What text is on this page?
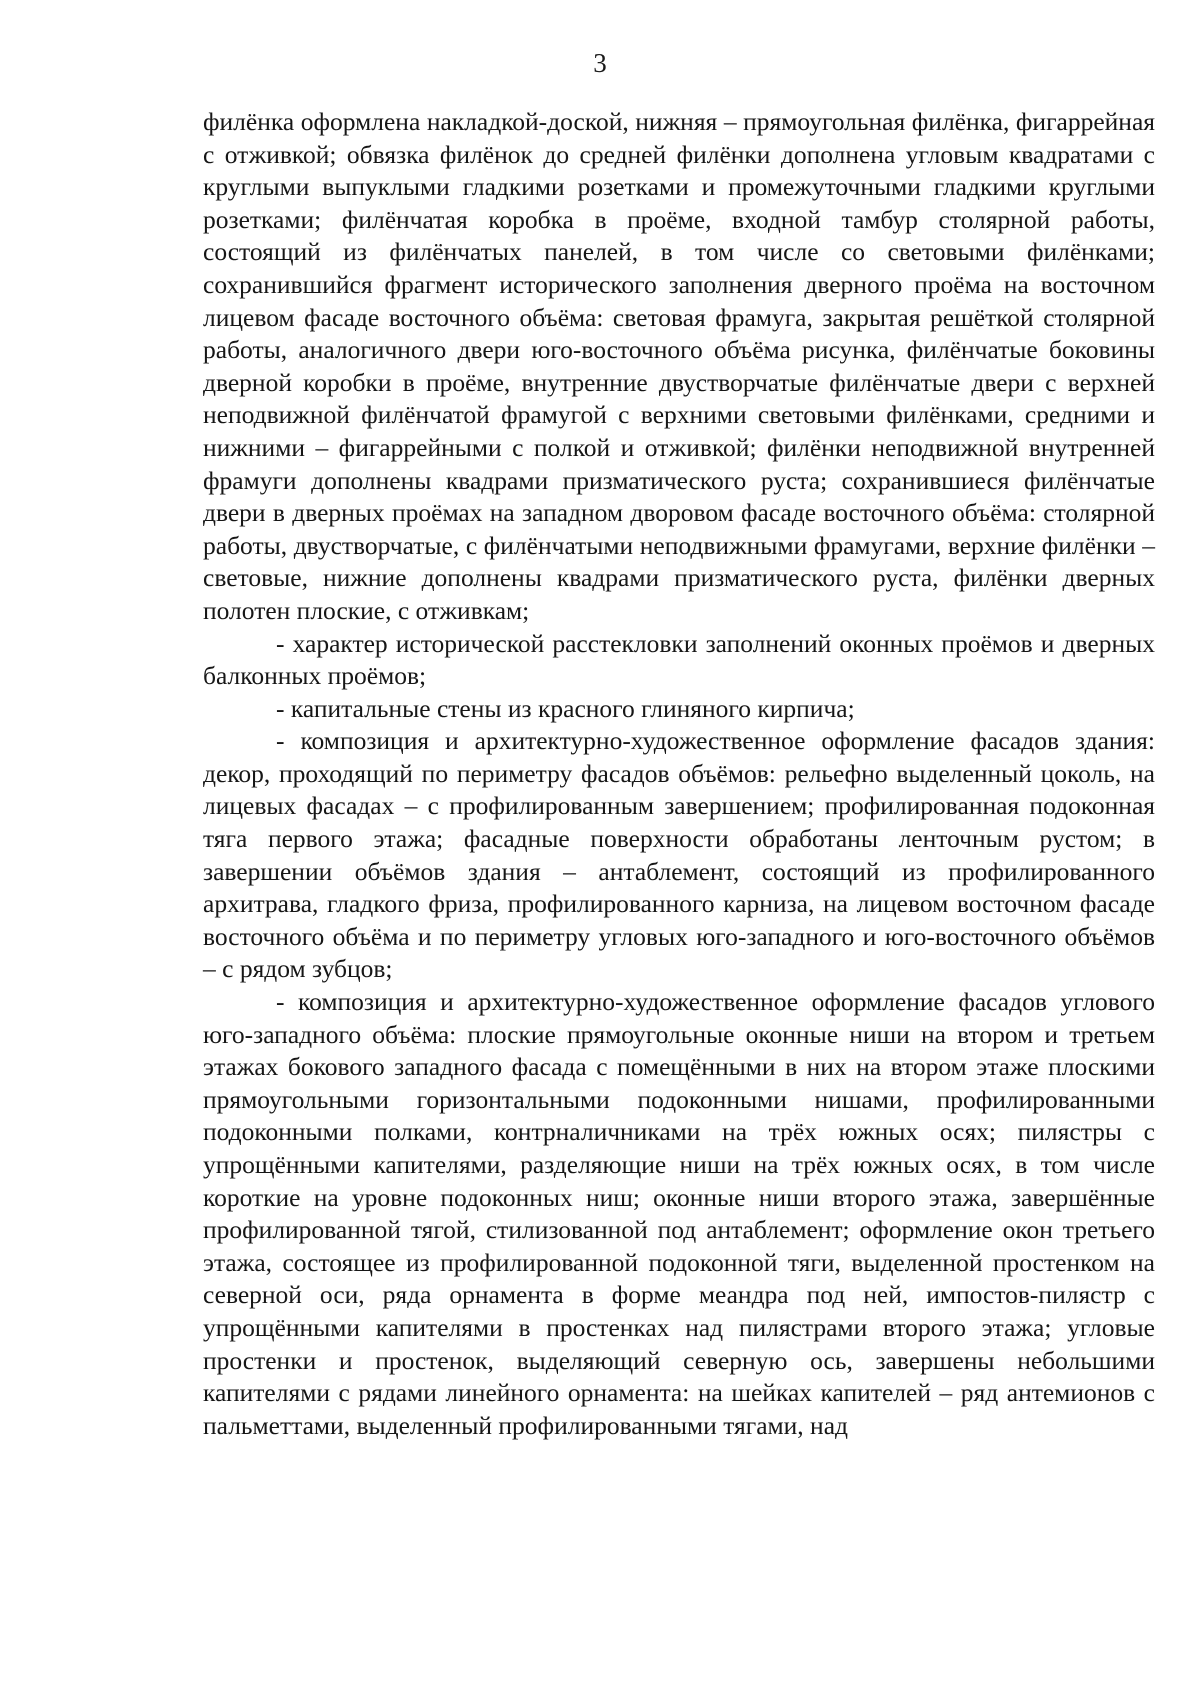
3

филёнка оформлена накладкой-доской, нижняя – прямоугольная филёнка, фигаррейная с отживкой; обвязка филёнок до средней филёнки дополнена угловым квадратами с круглыми выпуклыми гладкими розетками и промежуточными гладкими круглыми розетками; филёнчатая коробка в проёме, входной тамбур столярной работы, состоящий из филёнчатых панелей, в том числе со световыми филёнками; сохранившийся фрагмент исторического заполнения дверного проёма на восточном лицевом фасаде восточного объёма: световая фрамуга, закрытая решёткой столярной работы, аналогичного двери юго-восточного объёма рисунка, филёнчатые боковины дверной коробки в проёме, внутренние двустворчатые филёнчатые двери с верхней неподвижной филёнчатой фрамугой с верхними световыми филёнками, средними и нижними – фигаррейными с полкой и отживкой; филёнки неподвижной внутренней фрамуги дополнены квадрами призматического руста; сохранившиеся филёнчатые двери в дверных проёмах на западном дворовом фасаде восточного объёма: столярной работы, двустворчатые, с филёнчатыми неподвижными фрамугами, верхние филёнки – световые, нижние дополнены квадрами призматического руста, филёнки дверных полотен плоские, с отживкам;

- характер исторической расстекловки заполнений оконных проёмов и дверных балконных проёмов;

- капитальные стены из красного глиняного кирпича;

- композиция и архитектурно-художественное оформление фасадов здания: декор, проходящий по периметру фасадов объёмов: рельефно выделенный цоколь, на лицевых фасадах – с профилированным завершением; профилированная подоконная тяга первого этажа; фасадные поверхности обработаны ленточным рустом; в завершении объёмов здания – антаблемент, состоящий из профилированного архитрава, гладкого фриза, профилированного карниза, на лицевом восточном фасаде восточного объёма и по периметру угловых юго-западного и юго-восточного объёмов – с рядом зубцов;

- композиция и архитектурно-художественное оформление фасадов углового юго-западного объёма: плоские прямоугольные оконные ниши на втором и третьем этажах бокового западного фасада с помещёнными в них на втором этаже плоскими прямоугольными горизонтальными подоконными нишами, профилированными подоконными полками, контрналичниками на трёх южных осях; пилястры с упрощёнными капителями, разделяющие ниши на трёх южных осях, в том числе короткие на уровне подоконных ниш; оконные ниши второго этажа, завершённые профилированной тягой, стилизованной под антаблемент; оформление окон третьего этажа, состоящее из профилированной подоконной тяги, выделенной простенком на северной оси, ряда орнамента в форме меандра под ней, импостов-пилястр с упрощёнными капителями в простенках над пилястрами второго этажа; угловые простенки и простенок, выделяющий северную ось, завершены небольшими капителями с рядами линейного орнамента: на шейках капителей – ряд антемионов с пальметтами, выделенный профилированными тягами, над
